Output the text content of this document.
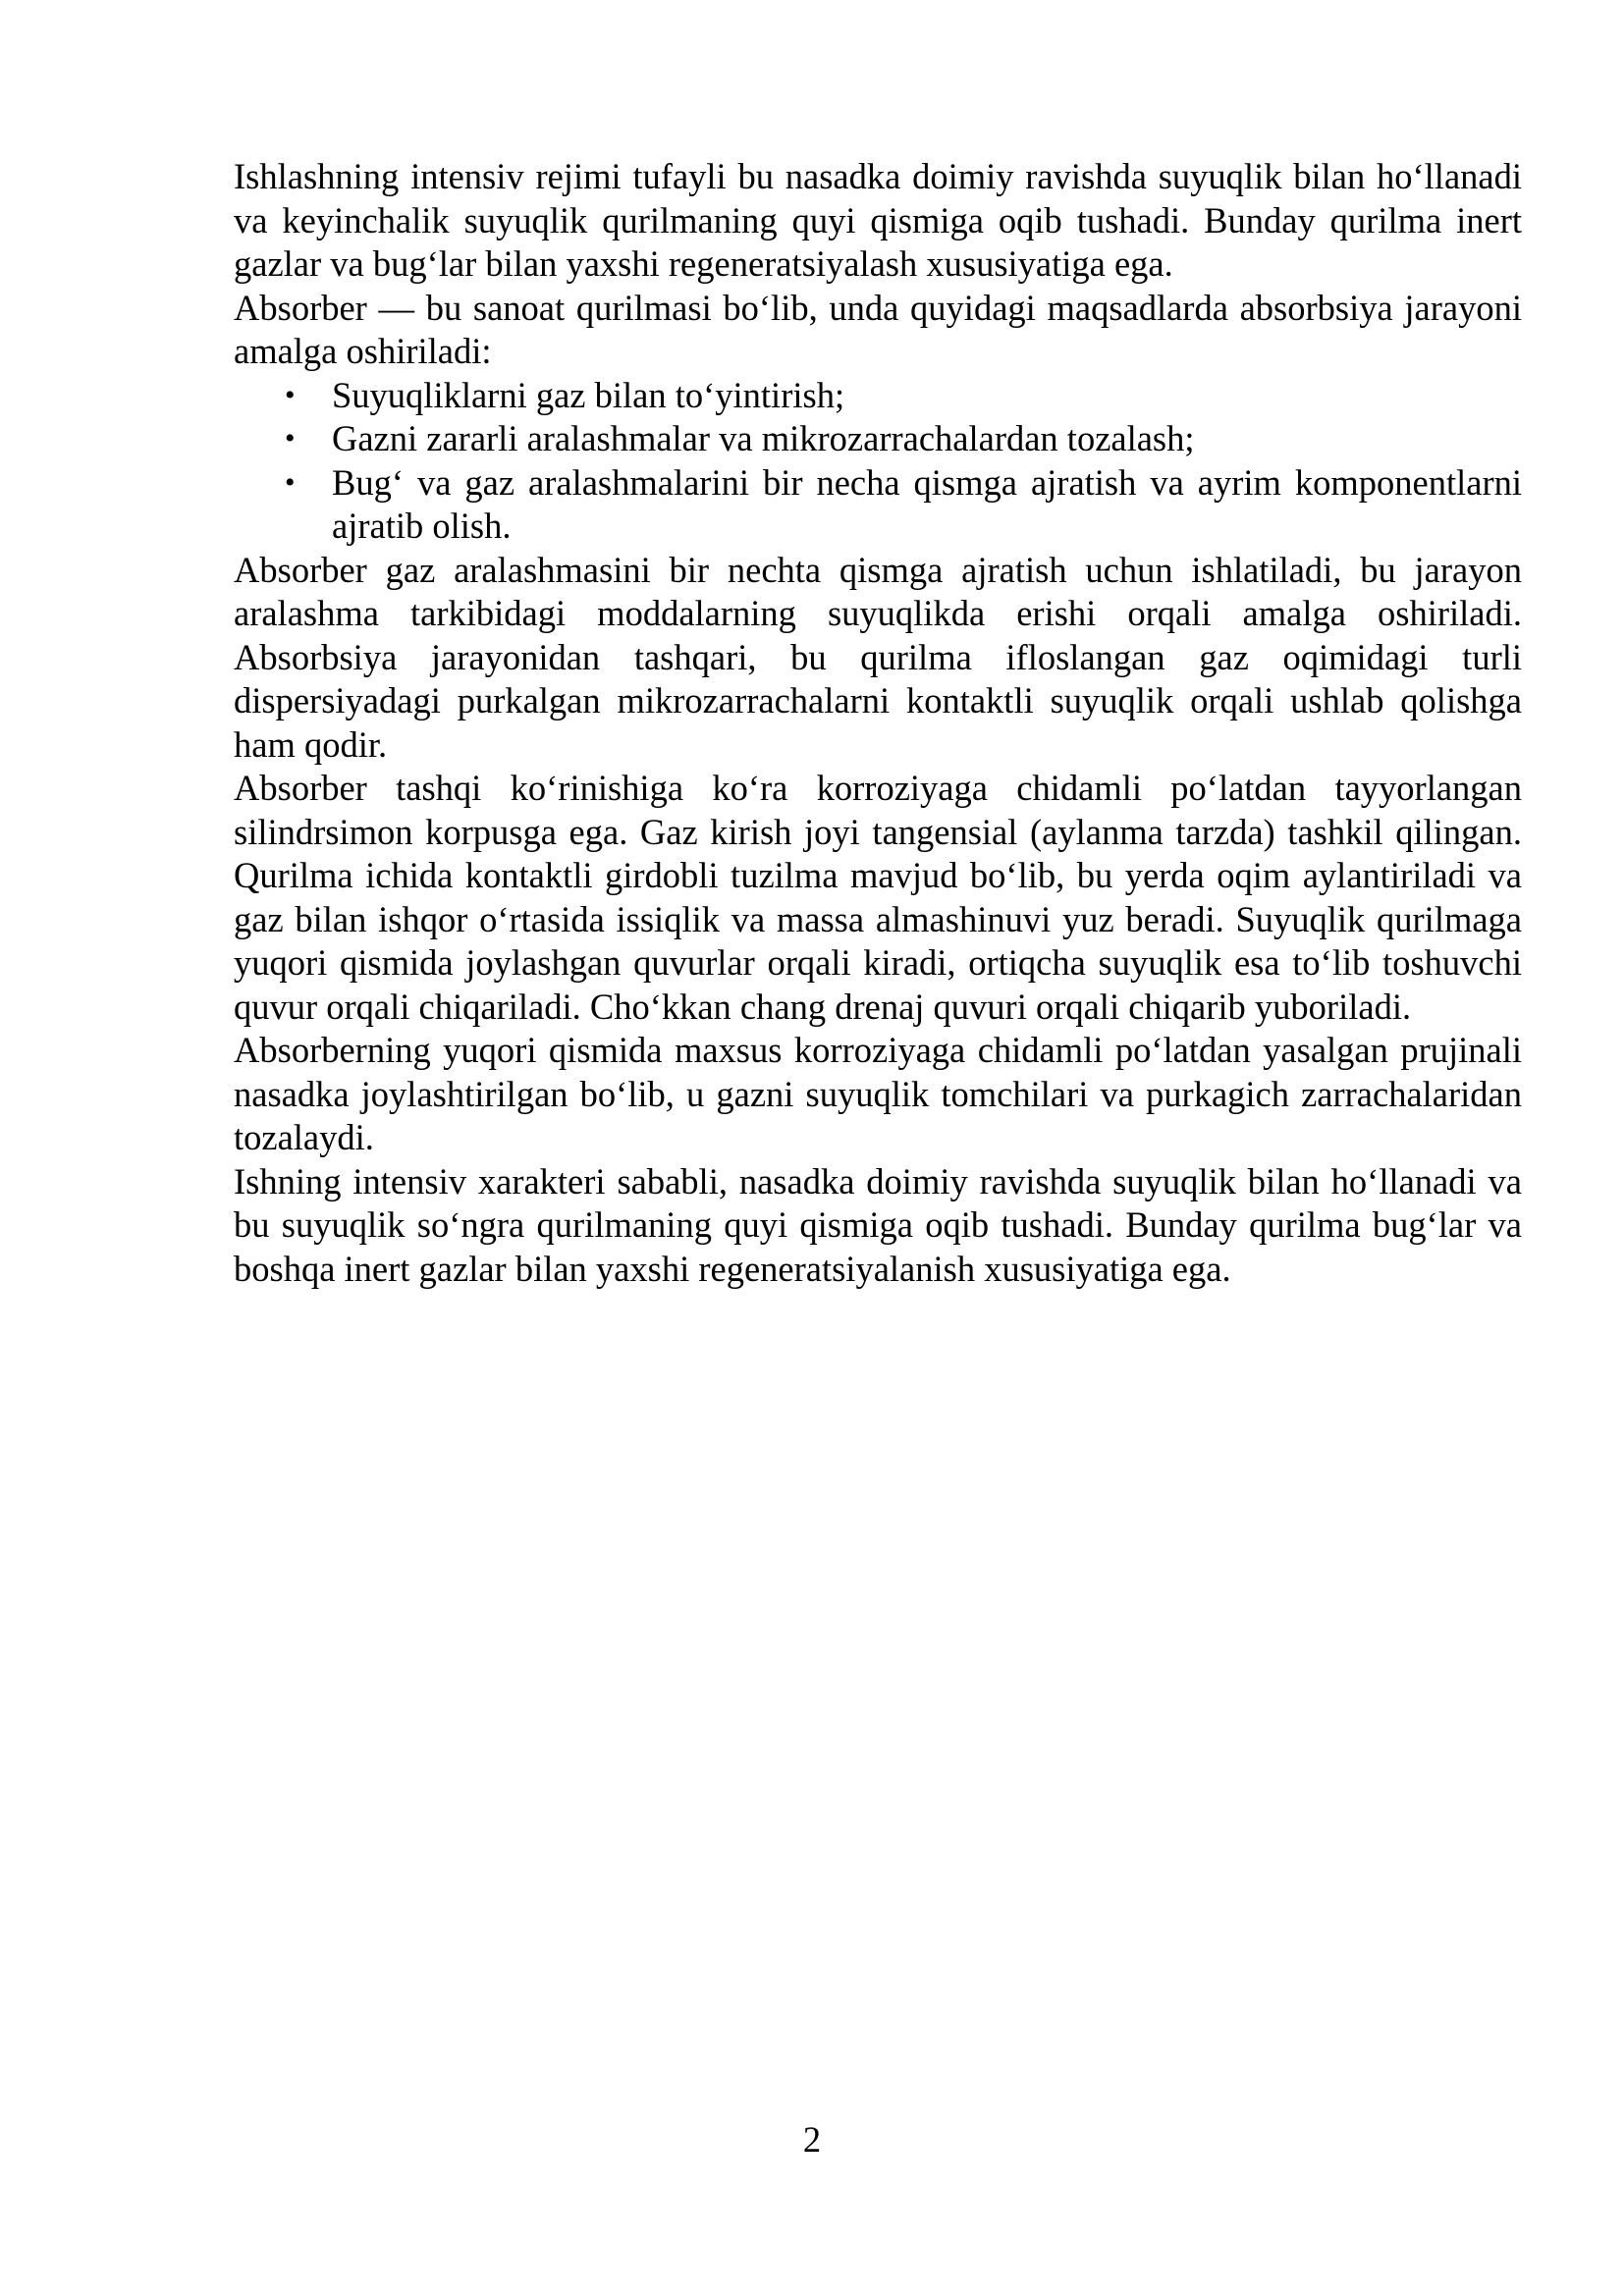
Ishlashning intensiv rejimi tufayli bu nasadka doimiy ravishda suyuqlik bilan ho‘llanadi va keyinchalik suyuqlik qurilmaning quyi qismiga oqib tushadi. Bunday qurilma inert gazlar va bug‘lar bilan yaxshi regeneratsiyalash xususiyatiga ega.

Absorber — bu sanoat qurilmasi bo‘lib, unda quyidagi maqsadlarda absorbsiya jarayoni amalga oshiriladi:

• Suyuqliklarni gaz bilan to‘yintirish;
• Gazni zararli aralashmalar va mikrozarrachalardan tozalash;
• Bug‘ va gaz aralashmalarini bir necha qismga ajratish va ayrim komponentlarni ajratib olish.

Absorber gaz aralashmasini bir nechta qismga ajratish uchun ishlatiladi, bu jarayon aralashma tarkibidagi moddalarning suyuqlikda erishi orqali amalga oshiriladi. Absorbsiya jarayonidan tashqari, bu qurilma ifloslangan gaz oqimidagi turli dispersiyadagi purkalgan mikrozarrachalarni kontaktli suyuqlik orqali ushlab qolishga ham qodir.

Absorber tashqi ko‘rinishiga ko‘ra korroziyaga chidamli po‘latdan tayyorlangan silindrsimon korpusga ega. Gaz kirish joyi tangensial (aylanma tarzda) tashkil qilingan. Qurilma ichida kontaktli girdobli tuzilma mavjud bo‘lib, bu yerda oqim aylantiriladi va gaz bilan ishqor o‘rtasida issiqlik va massa almashinuvi yuz beradi. Suyuqlik qurilmaga yuqori qismida joylashgan quvurlar orqali kiradi, ortiqcha suyuqlik esa to‘lib toshuvchi quvur orqali chiqariladi. Cho‘kkan chang drenaj quvuri orqali chiqarib yuboriladi.

Absorberning yuqori qismida maxsus korroziyaga chidamli po‘latdan yasalgan prujinali nasadka joylashtirilgan bo‘lib, u gazni suyuqlik tomchilari va purkagich zarrachalaridan tozalaydi.

Ishning intensiv xarakteri sababli, nasadka doimiy ravishda suyuqlik bilan ho‘llanadi va bu suyuqlik so‘ngra qurilmaning quyi qismiga oqib tushadi. Bunday qurilma bug‘lar va boshqa inert gazlar bilan yaxshi regeneratsiyalanish xususiyatiga ega.

2
